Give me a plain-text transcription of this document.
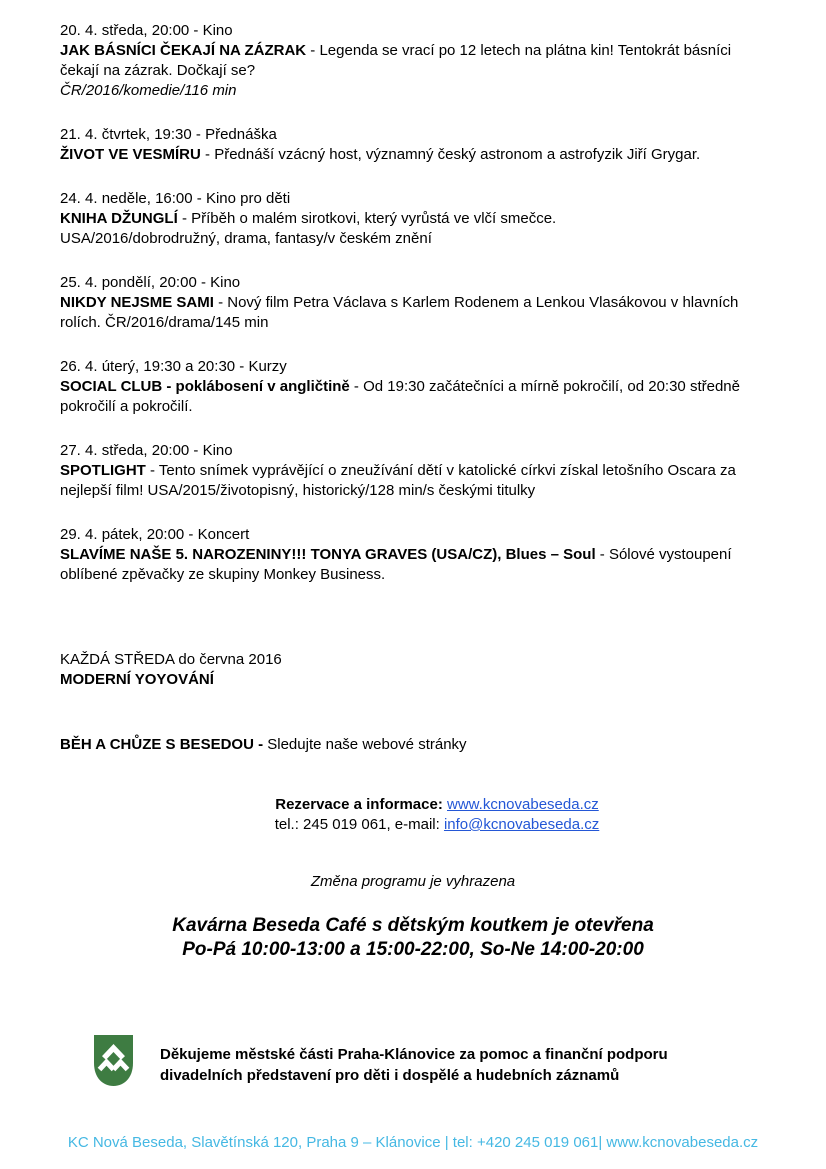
20. 4. středa, 20:00 - Kino

JAK BÁSNÍCI ČEKAJÍ NA ZÁZRAK - Legenda se vrací po 12 letech na plátna kin! Tentokrát básníci čekají na zázrak. Dočkají se?

ČR/2016/komedie/116 min
21. 4. čtvrtek, 19:30 - Přednáška

ŽIVOT VE VESMÍRU - Přednáší vzácný host, významný český astronom a astrofyzik Jiří Grygar.

24. 4. neděle, 16:00 - Kino pro děti

KNIHA DŽUNGLÍ - Příběh o malém sirotkovi, který vyrůstá ve vlčí smečce.

USA/2016/dobrodružný, drama, fantasy/v českém znění
25. 4. pondělí, 20:00 - Kino

NIKDY NEJSME SAMI - Nový film Petra Václava s Karlem Rodenem a Lenkou Vlasákovou v hlavních rolích. ČR/2016/drama/145 min

26. 4. úterý, 19:30 a 20:30 - Kurzy

SOCIAL CLUB - poklábosení v angličtině - Od 19:30 začátečníci a mírně pokročilí, od 20:30 středně pokročilí a pokročilí.

27. 4. středa, 20:00 - Kino

SPOTLIGHT - Tento snímek vyprávějící o zneužívání dětí v katolické církvi získal letošního Oscara za nejlepší film! USA/2015/životopisný, historický/128 min/s českými titulky

29. 4. pátek, 20:00 - Koncert

SLAVÍME NAŠE 5. NAROZENINY!!! TONYA GRAVES (USA/CZ), Blues – Soul - Sólové vystoupení oblíbené zpěvačky ze skupiny Monkey Business.

KAŽDÁ STŘEDA do června 2016
MODERNÍ YOYOVÁNÍ
BĚH A CHŮZE S BESEDOU - Sledujte naše webové stránky
Rezervace a informace: www.kcnovabeseda.cz
tel.: 245 019 061, e-mail: info@kcnovabeseda.cz
Změna programu je vyhrazena
Kavárna Beseda Café s dětským koutkem je otevřena
Po-Pá 10:00-13:00 a 15:00-22:00, So-Ne 14:00-20:00
Děkujeme městské části Praha-Klánovice za pomoc a finanční podporu divadelních představení pro děti i dospělé a hudebních záznamů
KC Nová Beseda, Slavětínská 120, Praha 9 – Klánovice | tel: +420 245 019 061| www.kcnovabeseda.cz
